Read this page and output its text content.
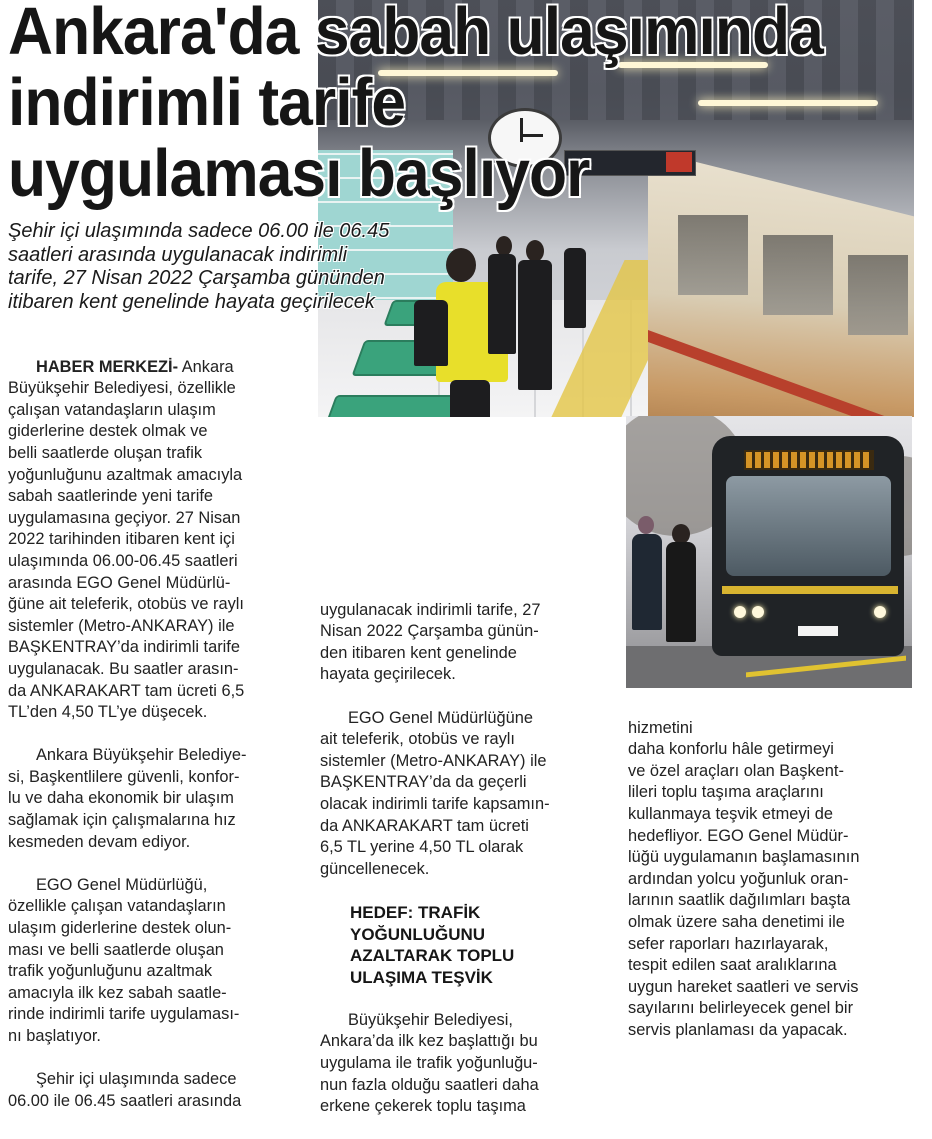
Ankara'da sabah ulaşımında
indirimli tarife
uygulaması başlıyor
Şehir içi ulaşımında sadece 06.00 ile 06.45
saatleri arasında uygulanacak indirimli
tarife, 27 Nisan 2022 Çarşamba gününden
itibaren kent genelinde hayata geçirilecek

HABER MERKEZİ- Ankara
Büyükşehir Belediyesi, özellikle
çalışan vatandaşların ulaşım
giderlerine destek olmak ve
belli saatlerde oluşan trafik
yoğunluğunu azaltmak amacıyla
sabah saatlerinde yeni tarife
uygulamasına geçiyor. 27 Nisan
2022 tarihinden itibaren kent içi
ulaşımında 06.00-06.45 saatleri
arasında EGO Genel Müdürlü-
ğüne ait teleferik, otobüs ve raylı
sistemler (Metro-ANKARAY) ile
BAŞKENTRAY’da indirimli tarife
uygulanacak. Bu saatler arasın-
da ANKARAKART tam ücreti 6,5
TL’den 4,50 TL’ye düşecek.

Ankara Büyükşehir Belediye-
si, Başkentlilere güvenli, konfor-
lu ve daha ekonomik bir ulaşım
sağlamak için çalışmalarına hız
kesmeden devam ediyor.

EGO Genel Müdürlüğü,
özellikle çalışan vatandaşların
ulaşım giderlerine destek olun-
ması ve belli saatlerde oluşan
trafik yoğunluğunu azaltmak
amacıyla ilk kez sabah saatle-
rinde indirimli tarife uygulaması-
nı başlatıyor.

Şehir içi ulaşımında sadece
06.00 ile 06.45 saatleri arasında

uygulanacak indirimli tarife, 27
Nisan 2022 Çarşamba günün-
den itibaren kent genelinde
hayata geçirilecek.

EGO Genel Müdürlüğüne
ait teleferik, otobüs ve raylı
sistemler (Metro-ANKARAY) ile
BAŞKENTRAY’da da geçerli
olacak indirimli tarife kapsamın-
da ANKARAKART tam ücreti
6,5 TL yerine 4,50 TL olarak
güncellenecek.

HEDEF: TRAFİK
YOĞUNLUĞUNU
AZALTARAK TOPLU
ULAŞIMA TEŞVİK

Büyükşehir Belediyesi,
Ankara’da ilk kez başlattığı bu
uygulama ile trafik yoğunluğu-
nun fazla olduğu saatleri daha
erkene çekerek toplu taşıma

hizmetini
daha konforlu hâle getirmeyi
ve özel araçları olan Başkent-
lileri toplu taşıma araçlarını
kullanmaya teşvik etmeyi de
hedefliyor. EGO Genel Müdür-
lüğü uygulamanın başlamasının
ardından yolcu yoğunluk oran-
larının saatlik dağılımları başta
olmak üzere saha denetimi ile
sefer raporları hazırlayarak,
tespit edilen saat aralıklarına
uygun hareket saatleri ve servis
sayılarını belirleyecek genel bir
servis planlaması da yapacak.
